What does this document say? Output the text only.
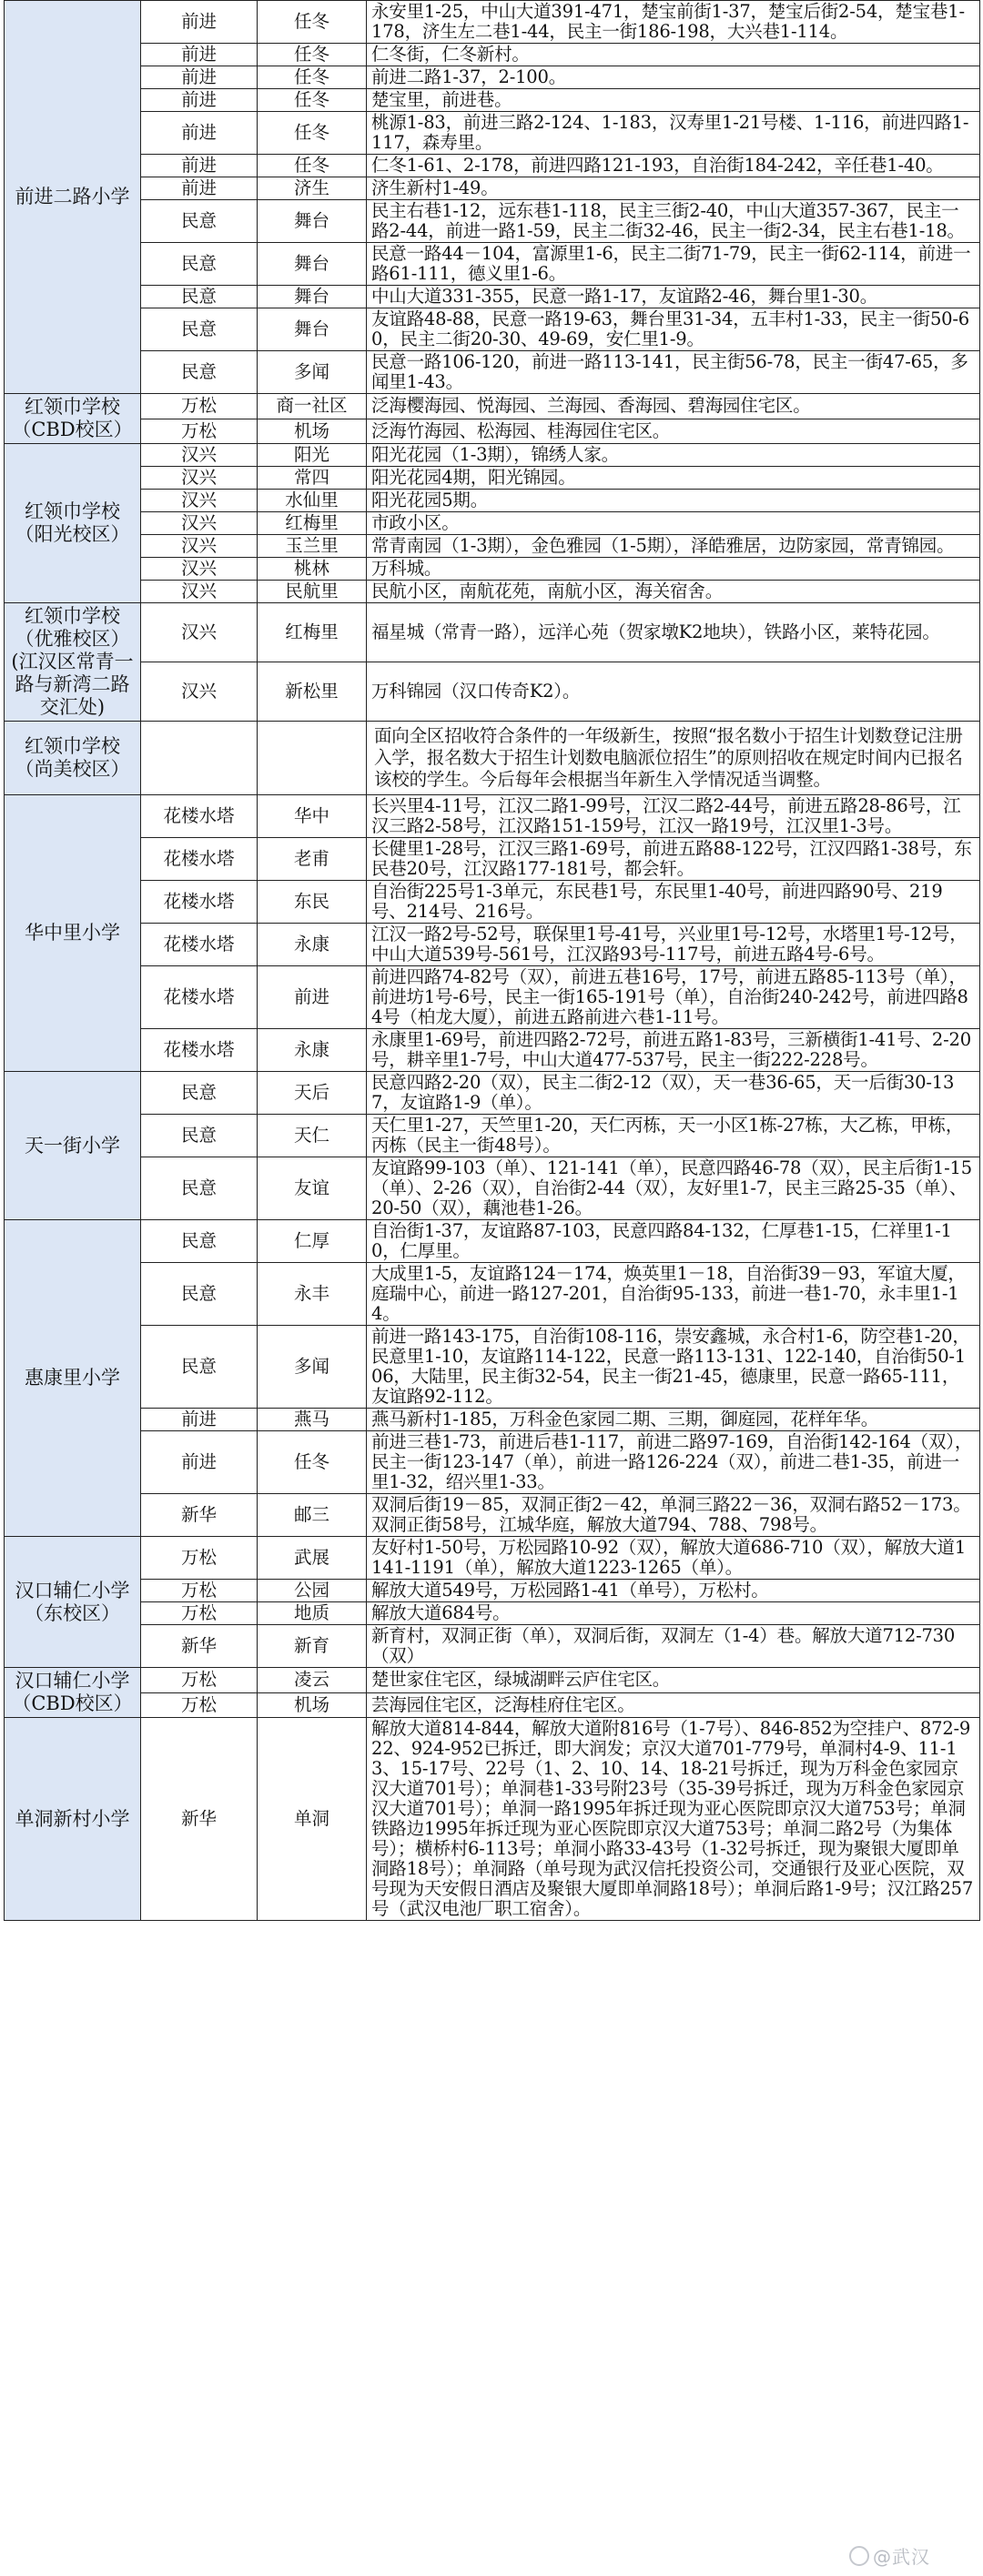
前进二路小学	前进	任冬	永安里1-25，中山大道391-471，楚宝前街1-37，楚宝后街2-54，楚宝巷1-178，济生左二巷1-44，民主一街186-198，大兴巷1-114。
	前进	任冬	仁冬街，仁冬新村。
	前进	任冬	前进二路1-37，2-100。
	前进	任冬	楚宝里，前进巷。
	前进	任冬	桃源1-83，前进三路2-124、1-183，汉寿里1-21号楼、1-116，前进四路1-117，森寿里。
	前进	任冬	仁冬1-61、2-178，前进四路121-193，自治街184-242，辛任巷1-40。
	前进	济生	济生新村1-49。
	民意	舞台	民主右巷1-12，远东巷1-118，民主三街2-40，中山大道357-367，民主一路2-44，前进一路1-59，民主二街32-46，民主一街2-34，民主右巷1-18。
	民意	舞台	民意一路44－104，富源里1-6，民主二街71-79，民主一街62-114，前进一路61-111，德义里1-6。
	民意	舞台	中山大道331-355，民意一路1-17，友谊路2-46，舞台里1-30。
	民意	舞台	友谊路48-88，民意一路19-63，舞台里31-34，五丰村1-33，民主一街50-60，民主二街20-30、49-69，安仁里1-9。
	民意	多闻	民意一路106-120，前进一路113-141，民主街56-78，民主一街47-65，多闻里1-43。
红领巾学校（CBD校区）	万松	商一社区	泛海樱海园、悦海园、兰海园、香海园、碧海园住宅区。
	万松	机场	泛海竹海园、松海园、桂海园住宅区。
红领巾学校（阳光校区）	汉兴	阳光	阳光花园（1-3期），锦绣人家。
	汉兴	常四	阳光花园4期，阳光锦园。
	汉兴	水仙里	阳光花园5期。
	汉兴	红梅里	市政小区。
	汉兴	玉兰里	常青南园（1-3期），金色雅园（1-5期），泽皓雅居，边防家园，常青锦园。
	汉兴	桃林	万科城。
	汉兴	民航里	民航小区，南航花苑，南航小区，海关宿舍。
红领巾学校（优雅校区）(江汉区常青一路与新湾二路交汇处)	汉兴	红梅里	福星城（常青一路），远洋心苑（贺家墩K2地块），铁路小区，莱特花园。
	汉兴	新松里	万科锦园（汉口传奇K2）。
红领巾学校（尚美校区）			面向全区招收符合条件的一年级新生，按照“报名数小于招生计划数登记注册入学，报名数大于招生计划数电脑派位招生”的原则招收在规定时间内已报名该校的学生。今后每年会根据当年新生入学情况适当调整。
华中里小学	花楼水塔	华中	长兴里4-11号，江汉二路1-99号，江汉二路2-44号，前进五路28-86号，江汉三路2-58号，江汉路151-159号，江汉一路19号，江汉里1-3号。
	花楼水塔	老甫	长健里1-28号，江汉三路1-69号，前进五路88-122号，江汉四路1-38号，东民巷20号，江汉路177-181号，都会轩。
	花楼水塔	东民	自治街225号1-3单元，东民巷1号，东民里1-40号，前进四路90号、219号、214号、216号。
	花楼水塔	永康	江汉一路2号-52号，联保里1号-41号，兴业里1号-12号，水塔里1号-12号，中山大道539号-561号，江汉路93号-117号，前进五路4号-6号。
	花楼水塔	前进	前进四路74-82号（双），前进五巷16号，17号，前进五路85-113号（单），前进坊1号-6号，民主一街165-191号（单），自治街240-242号，前进四路84号（柏龙大厦），前进五路前进六巷1-11号。
	花楼水塔	永康	永康里1-69号，前进四路2-72号，前进五路1-83号，三新横街1-41号、2-20号，耕辛里1-7号，中山大道477-537号，民主一街222-228号。
天一街小学	民意	天后	民意四路2-20（双），民主二街2-12（双），天一巷36-65，天一后街30-137，友谊路1-9（单）。
	民意	天仁	天仁里1-27，天竺里1-20，天仁丙栋，天一小区1栋-27栋，大乙栋，甲栋，丙栋（民主一街48号）。
	民意	友谊	友谊路99-103（单）、121-141（单），民意四路46-78（双），民主后街1-15（单）、2-26（双），自治街2-44（双），友好里1-7，民主三路25-35（单）、20-50（双），藕池巷1-26。
惠康里小学	民意	仁厚	自治街1-37，友谊路87-103，民意四路84-132，仁厚巷1-15，仁祥里1-10，仁厚里。
	民意	永丰	大成里1-5，友谊路124－174，焕英里1－18，自治街39－93，军谊大厦，庭瑞中心，前进一路127-201，自治街95-133，前进一巷1-70，永丰里1-14。
	民意	多闻	前进一路143-175，自治街108-116，崇安鑫城，永合村1-6，防空巷1-20，民意里1-10，友谊路114-122，民意一路113-131、122-140，自治街50-106，大陆里，民主街32-54，民主一街21-45，德康里，民意一路65-111，友谊路92-112。
	前进	燕马	燕马新村1-185，万科金色家园二期、三期，御庭园，花样年华。
	前进	任冬	前进三巷1-73，前进后巷1-117，前进二路97-169，自治街142-164（双），民主一街123-147（单），前进一路126-224（双），前进二巷1-35，前进一里1-32，绍兴里1-33。
	新华	邮三	双洞后街19－85，双洞正街2－42，单洞三路22－36，双洞右路52－173。双洞正街58号，江城华庭，解放大道794、788、798号。
汉口辅仁小学（东校区）	万松	武展	友好村1-50号，万松园路10-92（双），解放大道686-710（双），解放大道1141-1191（单），解放大道1223-1265（单）。
	万松	公园	解放大道549号，万松园路1-41（单号），万松村。
	万松	地质	解放大道684号。
	新华	新育	新育村，双洞正街（单），双洞后街，双洞左（1-4）巷。解放大道712-730（双）
汉口辅仁小学（CBD校区）	万松	凌云	楚世家住宅区，绿城湖畔云庐住宅区。
	万松	机场	芸海园住宅区，泛海桂府住宅区。
单洞新村小学	新华	单洞	解放大道814-844，解放大道附816号（1-7号）、846-852为空挂户、872-922、924-952已拆迁，即大润发；京汉大道701-779号，单洞村4-9、11-13、15-17号、22号（1、2、10、14、18-21号拆迁，现为万科金色家园京汉大道701号）；单洞巷1-33号附23号（35-39号拆迁，现为万科金色家园京汉大道701号）；单洞一路1995年拆迁现为亚心医院即京汉大道753号；单洞铁路边1995年拆迁现为亚心医院即京汉大道753号；单洞二路2号（为集体号）；横桥村6-113号；单洞小路33-43号（1-32号拆迁，现为聚银大厦即单洞路18号）；单洞路（单号现为武汉信托投资公司，交通银行及亚心医院，双号现为天安假日酒店及聚银大厦即单洞路18号）；单洞后路1-9号；汉江路257号（武汉电池厂职工宿舍）。
@武汉
